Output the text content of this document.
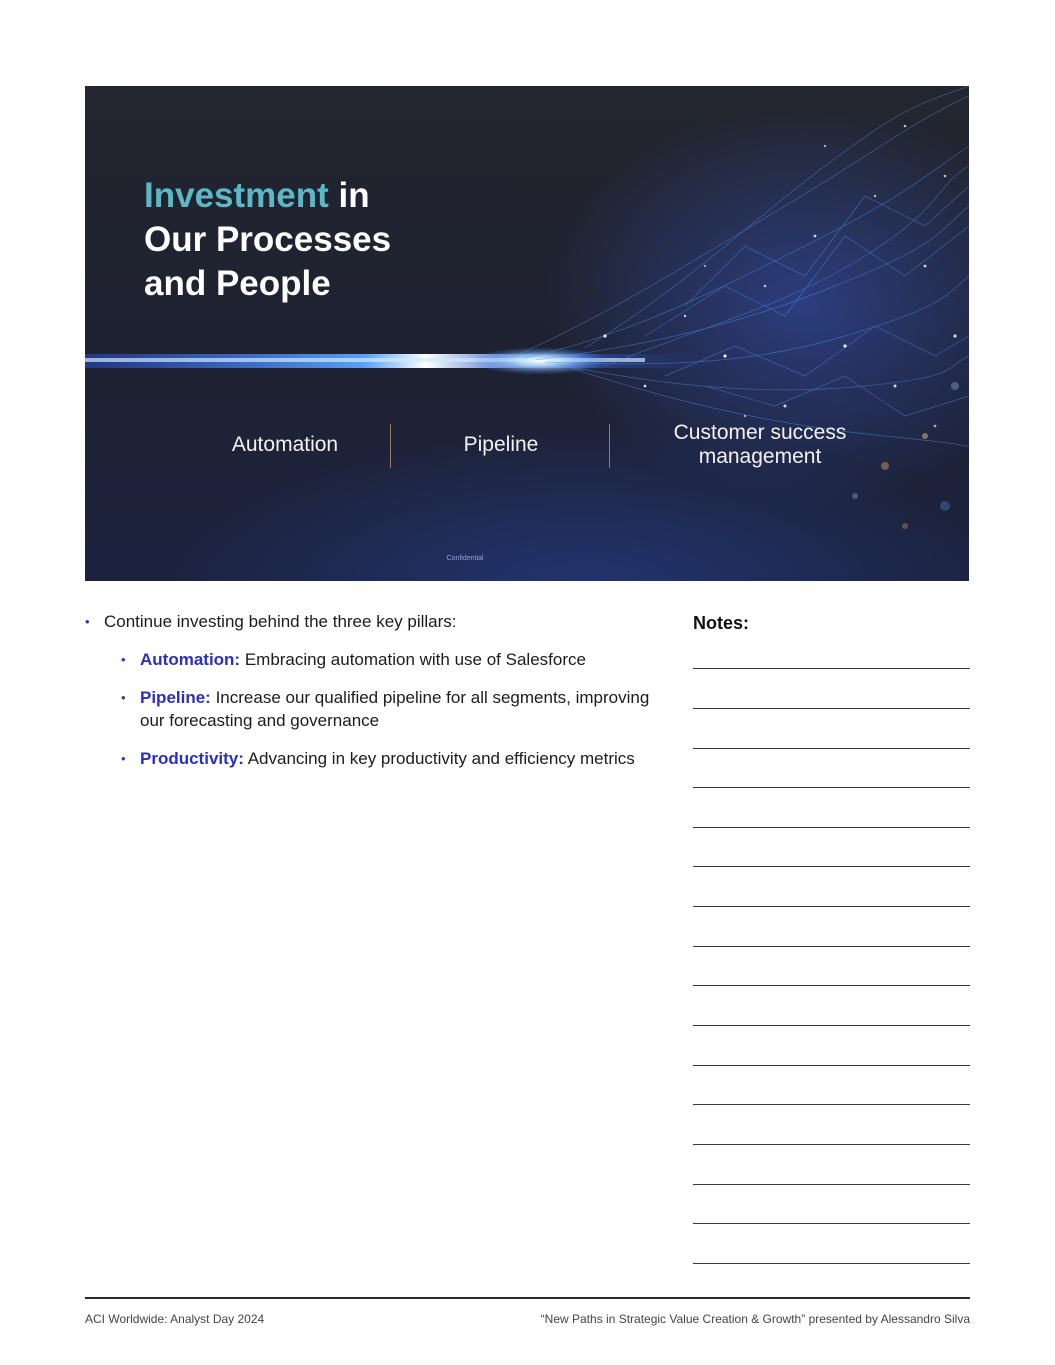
Investment in
Our Processes
and People
Automation	Pipeline
Customer success management
Confidential
• Continue investing behind the three key pillars:
• Automation: Embracing automation with use of Salesforce
• Pipeline: Increase our qualified pipeline for all segments, improving our forecasting and governance
• Productivity: Advancing in key productivity and efficiency metrics
Notes:
ACI Worldwide: Analyst Day 2024	“New Paths in Strategic Value Creation & Growth” presented by Alessandro Silva
